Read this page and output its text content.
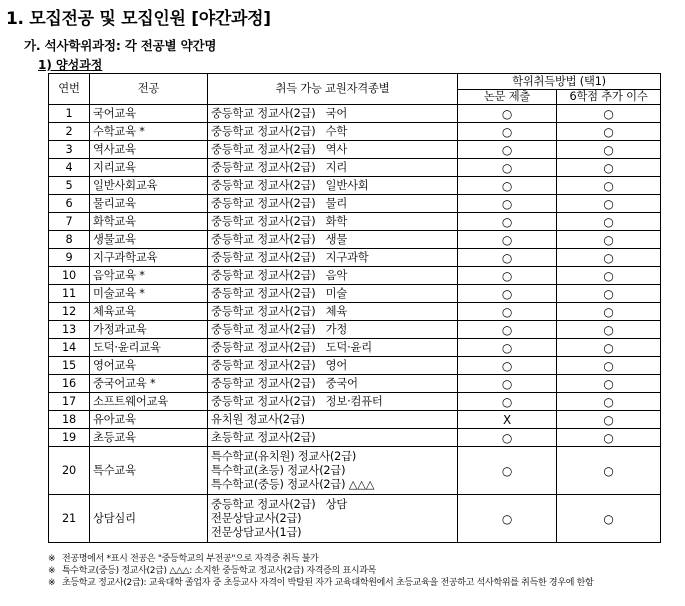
1. 모집전공 및 모집인원 [야간과정]
가. 석사학위과정: 각 전공별 약간명
1) 양성과정
연번	전공	취득 가능 교원자격종별	학위취득방법 (택1)	
			논문 제출	6학점 추가 이수
1	국어교육	중등학교 정교사(2급)   국어	○	○
2	수학교육 *	중등학교 정교사(2급)   수학	○	○
3	역사교육	중등학교 정교사(2급)   역사	○	○
4	지리교육	중등학교 정교사(2급)   지리	○	○
5	일반사회교육	중등학교 정교사(2급)   일반사회	○	○
6	물리교육	중등학교 정교사(2급)   물리	○	○
7	화학교육	중등학교 정교사(2급)   화학	○	○
8	생물교육	중등학교 정교사(2급)   생물	○	○
9	지구과학교육	중등학교 정교사(2급)   지구과학	○	○
10	음악교육 *	중등학교 정교사(2급)   음악	○	○
11	미술교육 *	중등학교 정교사(2급)   미술	○	○
12	체육교육	중등학교 정교사(2급)   체육	○	○
13	가정과교육	중등학교 정교사(2급)   가정	○	○
14	도덕·윤리교육	중등학교 정교사(2급)   도덕·윤리	○	○
15	영어교육	중등학교 정교사(2급)   영어	○	○
16	중국어교육 *	중등학교 정교사(2급)   중국어	○	○
17	소프트웨어교육	중등학교 정교사(2급)   정보·컴퓨터	○	○
18	유아교육	유치원 정교사(2급)	X	○
19	초등교육	초등학교 정교사(2급)	○	○
20	특수교육	특수학교(유치원) 정교사(2급)
특수학교(초등) 정교사(2급)
특수학교(중등) 정교사(2급) △△△	○	○
21	상담심리	중등학교 정교사(2급)   상담
전문상담교사(2급)
전문상담교사(1급)	○	○
※ 전공명에서 *표시 전공은 "중등학교의 부전공"으로 자격증 취득 불가
※ 특수학교(중등) 정교사(2급) △△△: 소지한 중등학교 정교사(2급) 자격증의 표시과목
※ 초등학교 정교사(2급): 교육대학 졸업자 중 초등교사 자격이 박탈된 자가 교육대학원에서 초등교육을 전공하고 석사학위를 취득한 경우에 한함
